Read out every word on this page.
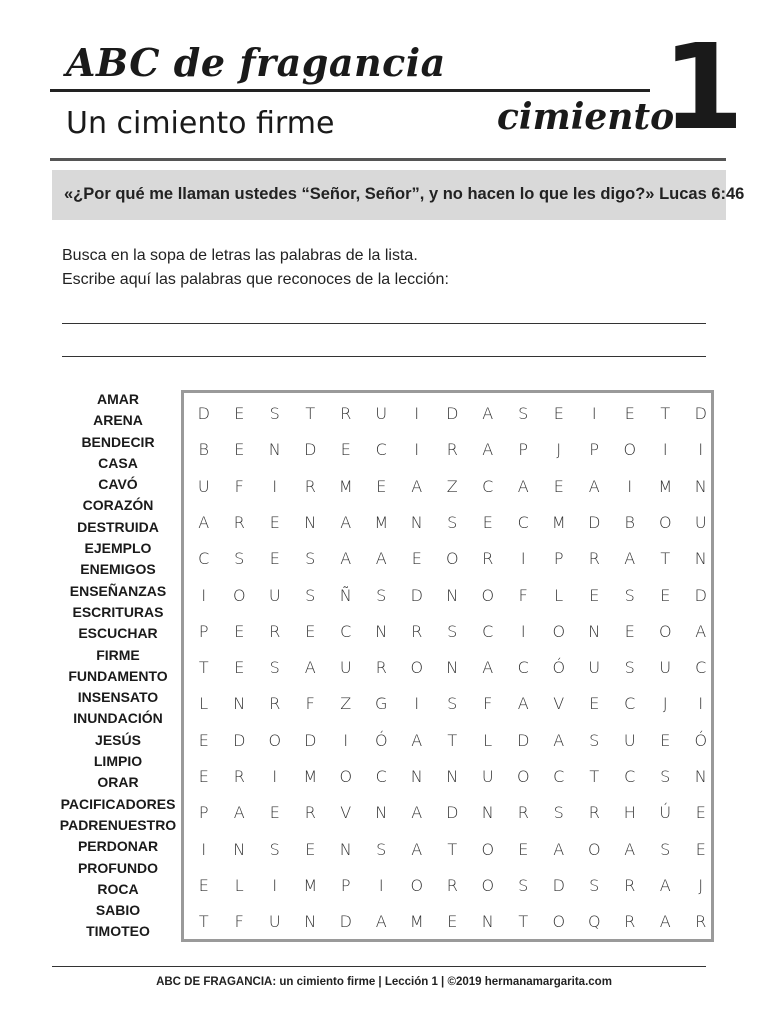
ABC de fragancia
Un cimiento firme	cimiento
1
«¿Por qué me llaman ustedes “Señor, Señor”, y no hacen lo que les digo?» Lucas 6:46
Busca en la sopa de letras las palabras de la lista.
Escribe aquí las palabras que reconoces de la lección:
AMAR
ARENA
BENDECIR
CASA
CAVÓ
CORAZÓN
DESTRUIDA
EJEMPLO
ENEMIGOS
ENSEÑANZAS
ESCRITURAS
ESCUCHAR
FIRME
FUNDAMENTO
INSENSATO
INUNDACIÓN
JESÚS
LIMPIO
ORAR
PACIFICADORES
PADRENUESTRO
PERDONAR
PROFUNDO
ROCA
SABIO
TIMOTEO
D	E	S	T	R	U	I	D	A	S	E	I	E	T	D
B	E	N	D	E	C	I	R	A	P	J	P	O	I	I
U	F	I	R	M	E	A	Z	C	A	E	A	I	M	N
A	R	E	N	A	M	N	S	E	C	M	D	B	O	U
C	S	E	S	A	A	E	O	R	I	P	R	A	T	N
I	O	U	S	Ñ	S	D	N	O	F	L	E	S	E	D
P	E	R	E	C	N	R	S	C	I	O	N	E	O	A
T	E	S	A	U	R	O	N	A	C	Ó	U	S	U	C
L	N	R	F	Z	G	I	S	F	A	V	E	C	J	I
E	D	O	D	I	Ó	A	T	L	D	A	S	U	E	Ó
E	R	I	M	O	C	N	N	U	O	C	T	C	S	N
P	A	E	R	V	N	A	D	N	R	S	R	H	Ú	E
I	N	S	E	N	S	A	T	O	E	A	O	A	S	E
E	L	I	M	P	I	O	R	O	S	D	S	R	A	J
T	F	U	N	D	A	M	E	N	T	O	Q	R	A	R
ABC DE FRAGANCIA: un cimiento firme | Lección 1 | ©2019 hermanamargarita.com
